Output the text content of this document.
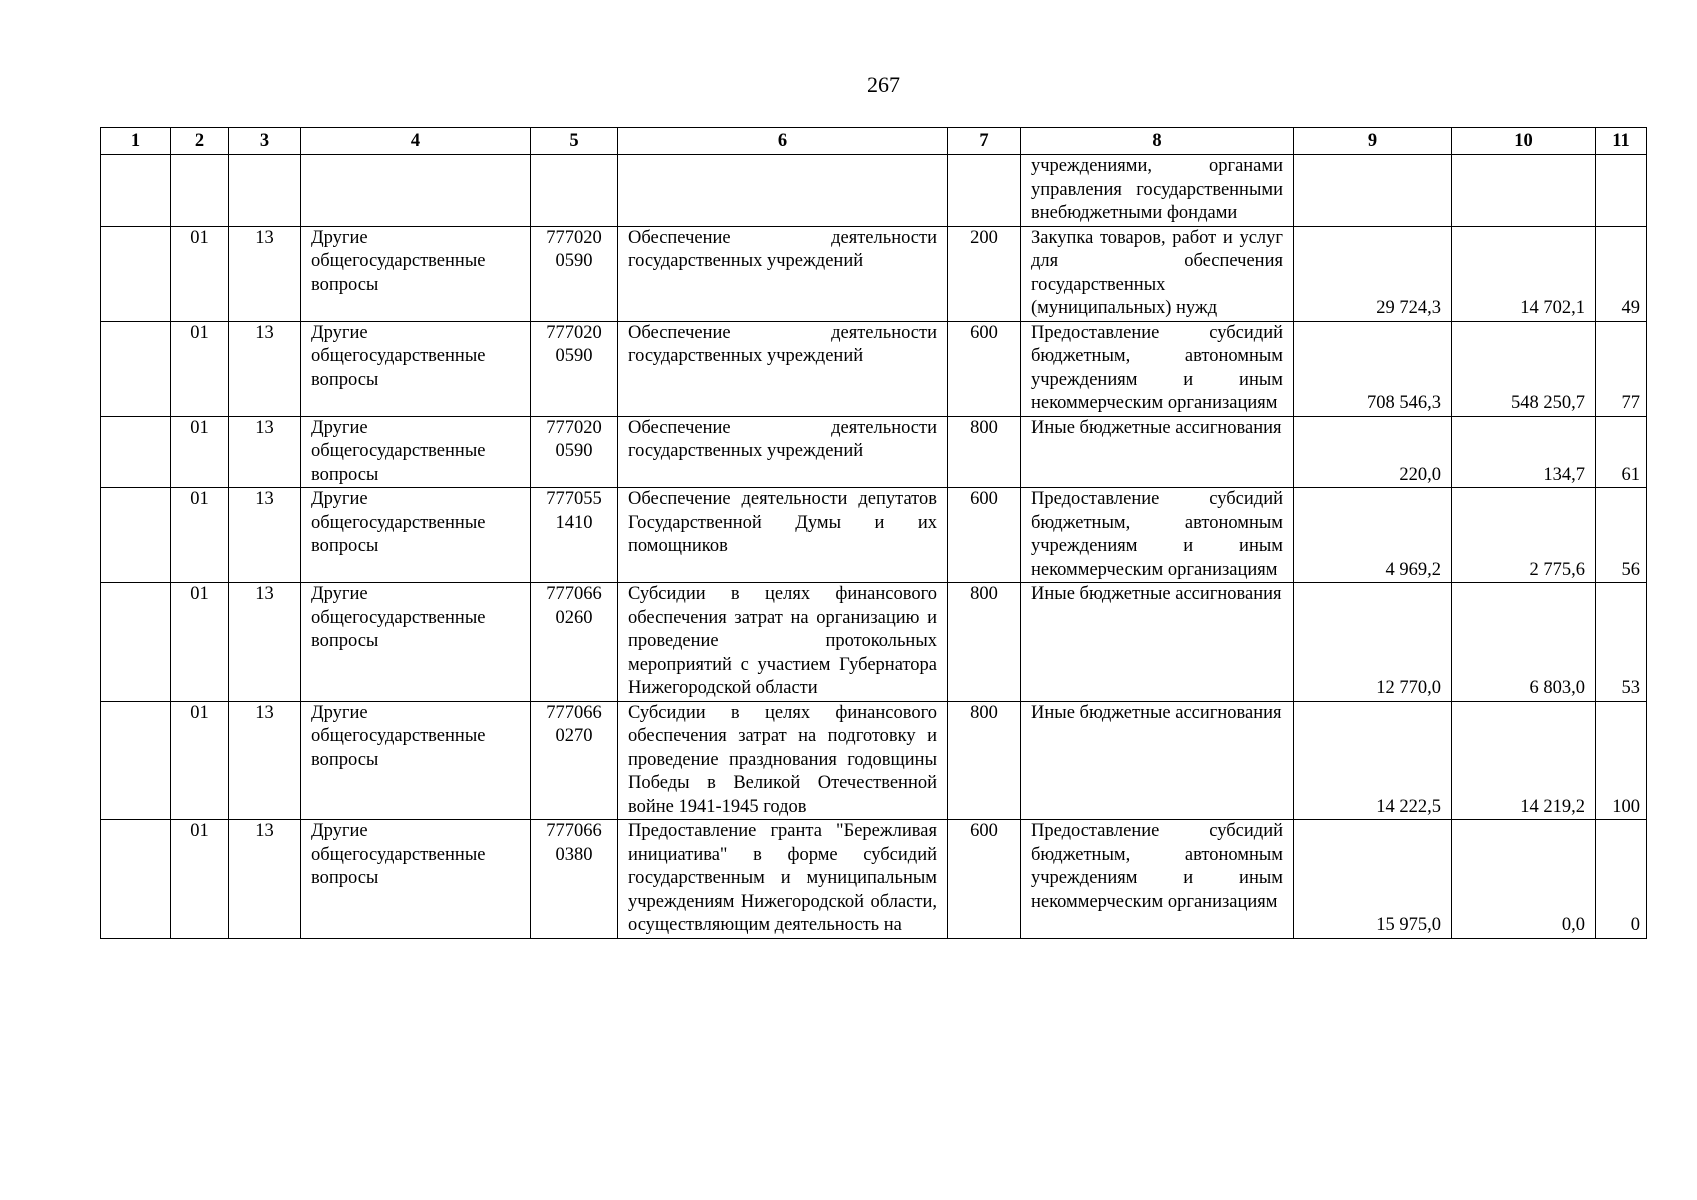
267
1	2	3	4	5	6	7	8	9	10	11
							учреждениями, органами управления государственными внебюджетными фондами			
	01	13	Другие общегосударственные вопросы	777020 0590	Обеспечение деятельности государственных учреждений	200	Закупка товаров, работ и услуг для обеспечения государственных (муниципальных) нужд	29 724,3	14 702,1	49
	01	13	Другие общегосударственные вопросы	777020 0590	Обеспечение деятельности государственных учреждений	600	Предоставление субсидий бюджетным, автономным учреждениям и иным некоммерческим организациям	708 546,3	548 250,7	77
	01	13	Другие общегосударственные вопросы	777020 0590	Обеспечение деятельности государственных учреждений	800	Иные бюджетные ассигнования	220,0	134,7	61
	01	13	Другие общегосударственные вопросы	777055 1410	Обеспечение деятельности депутатов Государственной Думы и их помощников	600	Предоставление субсидий бюджетным, автономным учреждениям и иным некоммерческим организациям	4 969,2	2 775,6	56
	01	13	Другие общегосударственные вопросы	777066 0260	Субсидии в целях финансового обеспечения затрат на организацию и проведение протокольных мероприятий с участием Губернатора Нижегородской области	800	Иные бюджетные ассигнования	12 770,0	6 803,0	53
	01	13	Другие общегосударственные вопросы	777066 0270	Субсидии в целях финансового обеспечения затрат на подготовку и проведение празднования годовщины Победы в Великой Отечественной войне 1941-1945 годов	800	Иные бюджетные ассигнования	14 222,5	14 219,2	100
	01	13	Другие общегосударственные вопросы	777066 0380	Предоставление гранта "Бережливая инициатива" в форме субсидий государственным и муниципальным учреждениям Нижегородской области, осуществляющим деятельность на	600	Предоставление субсидий бюджетным, автономным учреждениям и иным некоммерческим организациям	15 975,0	0,0	0
